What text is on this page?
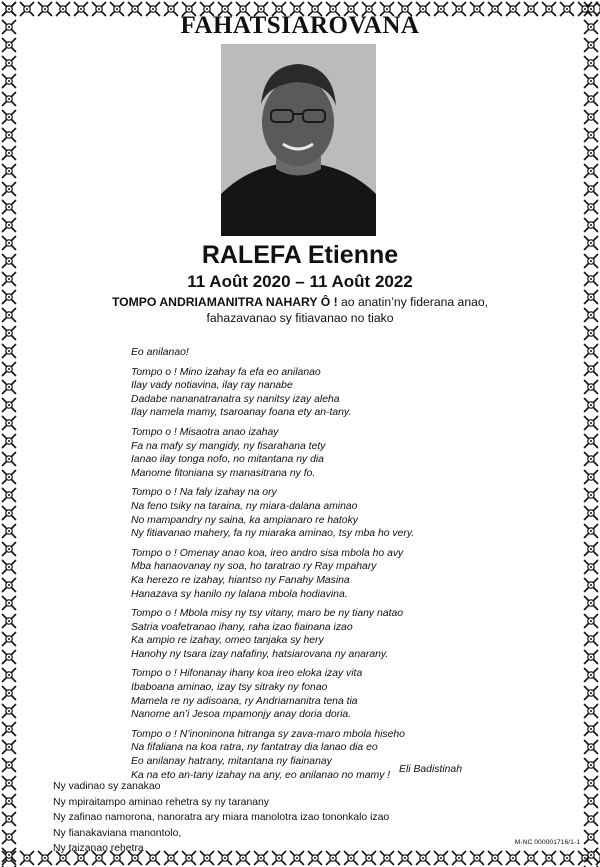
FAHATSIAROVANA
RALEFA Etienne
11 Août 2020 – 11 Août 2022
TOMPO ANDRIAMANITRA NAHARY Ô ! ao anatin’ny fiderana anao,
fahazavanao sy fitiavanao no tiako
Eo anilanao!
Tompo o ! Mino izahay fa efa eo anilanao
Ilay vady notiavina, ilay ray nanabe
Dadabe nananatranatra sy nanitsy izay aleha
Ilay namela mamy, tsaroanay foana ety an-tany.
Tompo o ! Misaotra anao izahay
Fa na mafy sy mangidy, ny fisarahana tety
Ianao ilay tonga nofo, no mitantana ny dia
Manome fitoniana sy manasitrana ny fo.
Tompo o ! Na faly izahay na ory
Na feno tsiky na taraina, ny miara-dalana aminao
No mampandry ny saina, ka ampianaro re hatoky
Ny fitiavanao mahery, fa ny miaraka aminao, tsy mba ho very.
Tompo o ! Omenay anao koa, ireo andro sisa mbola ho avy
Mba hanaovanay ny soa, ho taratrao ry Ray mpahary
Ka herezo re izahay, hiantso ny Fanahy Masina
Hanazava sy hanilo ny lalana mbola hodiavina.
Tompo o ! Mbola misy ny tsy vitany, maro be ny tiany natao
Satria voafetranao ihany, raha izao fiainana izao
Ka ampio re izahay, omeo tanjaka sy hery
Hanohy ny tsara izay nafafiny, hatsiarovana ny anarany.
Tompo o ! Hifonanay ihany koa ireo eloka izay vita
Ibaboana aminao, izay tsy sitraky ny fonao
Mamela re ny adisoana, ry Andriamanitra tena tia
Nanome an’i Jesoa mpamonjy anay doria doria.
Tompo o ! N’inoninona hitranga sy zava-maro mbola hiseho
Na fifaliana na koa ratra, ny fantatray dia lanao dia eo
Eo anilanay hatrany, mitantana ny fiainanay
Ka na eto an-tany izahay na any, eo anilanao no mamy !
Eli Badistinah
Ny vadinao sy zanakao
Ny mpiraitampo aminao rehetra sy ny taranany
Ny zafinao namorona, nanoratra ary miara manolotra izao tononkalo izao
Ny fianakaviana manontolo,
Ny taizanao rehetra
M-NC 000001716/1-1
